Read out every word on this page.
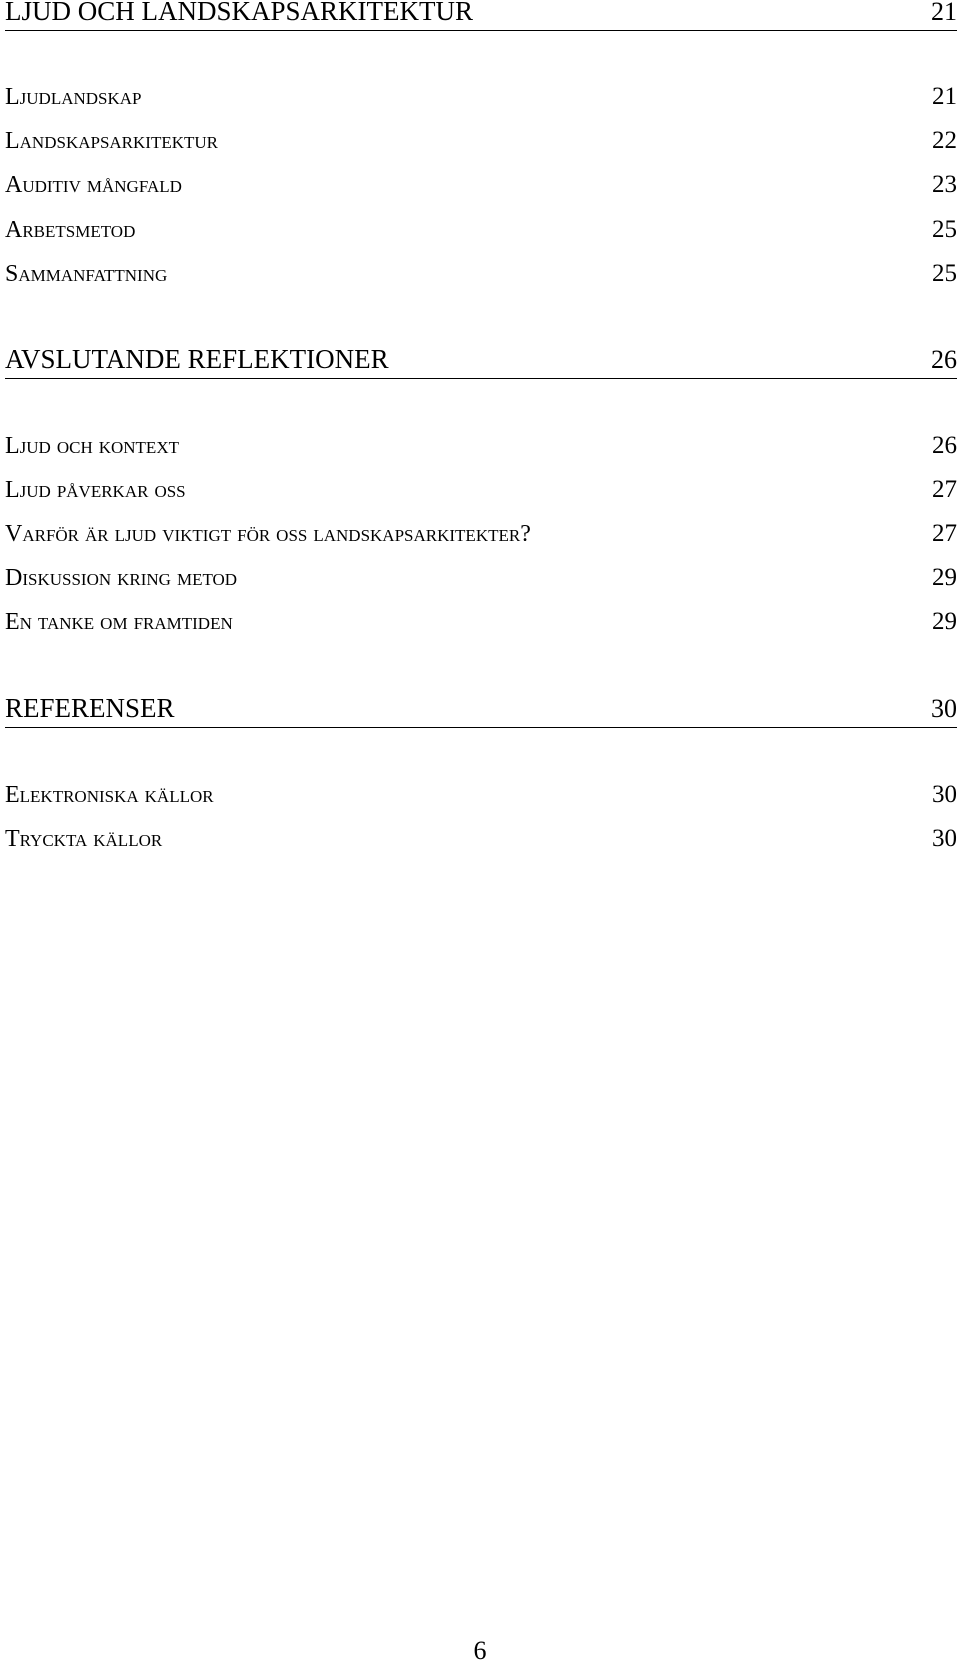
LJUD OCH LANDSKAPSARKITEKTUR	21
Ljudlandskap	21
Landskapsarkitektur	22
Auditiv mångfald	23
Arbetsmetod	25
Sammanfattning	25
AVSLUTANDE REFLEKTIONER	26
Ljud och kontext	26
Ljud påverkar oss	27
Varför är ljud viktigt för oss landskapsarkitekter?	27
Diskussion kring metod	29
En tanke om framtiden	29
REFERENSER	30
Elektroniska källor	30
Tryckta källor	30
6
